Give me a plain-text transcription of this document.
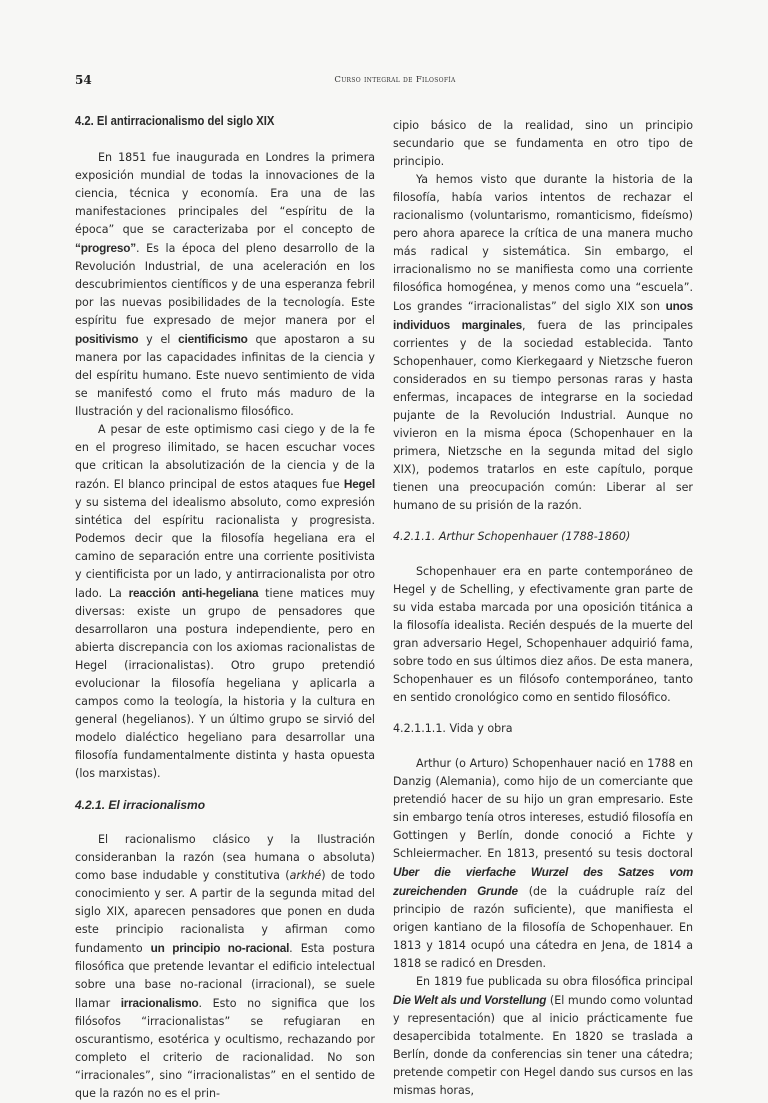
54	Curso integral de Filosofía
4.2. El antirracionalismo del siglo XIX

En 1851 fue inaugurada en Londres la primera exposición mundial de todas la innovaciones de la ciencia, técnica y economía. Era una de las manifestaciones principales del “espíritu de la época” que se caracterizaba por el concepto de “progreso”. Es la época del pleno desarrollo de la Revolución Industrial, de una aceleración en los descubrimientos científicos y de una esperanza febril por las nuevas posibilidades de la tecnología. Este espíritu fue expresado de mejor manera por el positivismo y el cientificismo que apostaron a su manera por las capacidades infinitas de la ciencia y del espíritu humano. Este nuevo sentimiento de vida se manifestó como el fruto más maduro de la Ilustración y del racionalismo filosófico.

A pesar de este optimismo casi ciego y de la fe en el progreso ilimitado, se hacen escuchar voces que critican la absolutización de la ciencia y de la razón. El blanco principal de estos ataques fue Hegel y su sistema del idealismo absoluto, como expresión sintética del espíritu racionalista y progresista. Podemos decir que la filosofía hegeliana era el camino de separación entre una corriente positivista y cientificista por un lado, y antirracionalista por otro lado. La reacción anti-hegeliana tiene matices muy diversas: existe un grupo de pensadores que desarrollaron una postura independiente, pero en abierta discrepancia con los axiomas racionalistas de Hegel (irracionalistas). Otro grupo pretendió evolucionar la filosofía hegeliana y aplicarla a campos como la teología, la historia y la cultura en general (hegelianos). Y un último grupo se sirvió del modelo dialéctico hegeliano para desarrollar una filosofía fundamentalmente distinta y hasta opuesta (los marxistas).

4.2.1. El irracionalismo

El racionalismo clásico y la Ilustración consideranban la razón (sea humana o absoluta) como base indudable y constitutiva (arkhé) de todo conocimiento y ser. A partir de la segunda mitad del siglo XIX, aparecen pensadores que ponen en duda este principio racionalista y afirman como fundamento un principio no-racional. Esta postura filosófica que pretende levantar el edificio intelectual sobre una base no-racional (irracional), se suele llamar irracionalismo. Esto no significa que los filósofos “irracionalistas” se refugiaran en oscurantismo, esotérica y ocultismo, rechazando por completo el criterio de racionalidad. No son “irracionales”, sino “irracionalistas” en el sentido de que la razón no es el prin-

cipio básico de la realidad, sino un principio secundario que se fundamenta en otro tipo de principio.

Ya hemos visto que durante la historia de la filosofía, había varios intentos de rechazar el racionalismo (voluntarismo, romanticismo, fideísmo) pero ahora aparece la crítica de una manera mucho más radical y sistemática. Sin embargo, el irracionalismo no se manifiesta como una corriente filosófica homogénea, y menos como una “escuela”. Los grandes “irracionalistas” del siglo XIX son unos individuos marginales, fuera de las principales corrientes y de la sociedad establecida. Tanto Schopenhauer, como Kierkegaard y Nietzsche fueron considerados en su tiempo personas raras y hasta enfermas, incapaces de integrarse en la sociedad pujante de la Revolución Industrial. Aunque no vivieron en la misma época (Schopenhauer en la primera, Nietzsche en la segunda mitad del siglo XIX), podemos tratarlos en este capítulo, porque tienen una preocupación común: Liberar al ser humano de su prisión de la razón.

4.2.1.1. Arthur Schopenhauer (1788-1860)

Schopenhauer era en parte contemporáneo de Hegel y de Schelling, y efectivamente gran parte de su vida estaba marcada por una oposición titánica a la filosofía idealista. Recién después de la muerte del gran adversario Hegel, Schopenhauer adquirió fama, sobre todo en sus últimos diez años. De esta manera, Schopenhauer es un filósofo contemporáneo, tanto en sentido cronológico como en sentido filosófico.

4.2.1.1.1. Vida y obra

Arthur (o Arturo) Schopenhauer nació en 1788 en Danzig (Alemania), como hijo de un comerciante que pretendió hacer de su hijo un gran empresario. Este sin embargo tenía otros intereses, estudió filosofía en Gottingen y Berlín, donde conoció a Fichte y Schleiermacher. En 1813, presentó su tesis doctoral Uber die vierfache Wurzel des Satzes vom zureichenden Grunde (de la cuádruple raíz del principio de razón suficiente), que manifiesta el origen kantiano de la filosofía de Schopenhauer. En 1813 y 1814 ocupó una cátedra en Jena, de 1814 a 1818 se radicó en Dresden.

En 1819 fue publicada su obra filosófica principal Die Welt als und Vorstellung (El mundo como voluntad y representación) que al inicio prácticamente fue desapercibida totalmente. En 1820 se traslada a Berlín, donde da conferencias sin tener una cátedra; pretende competir con Hegel dando sus cursos en las mismas horas,
